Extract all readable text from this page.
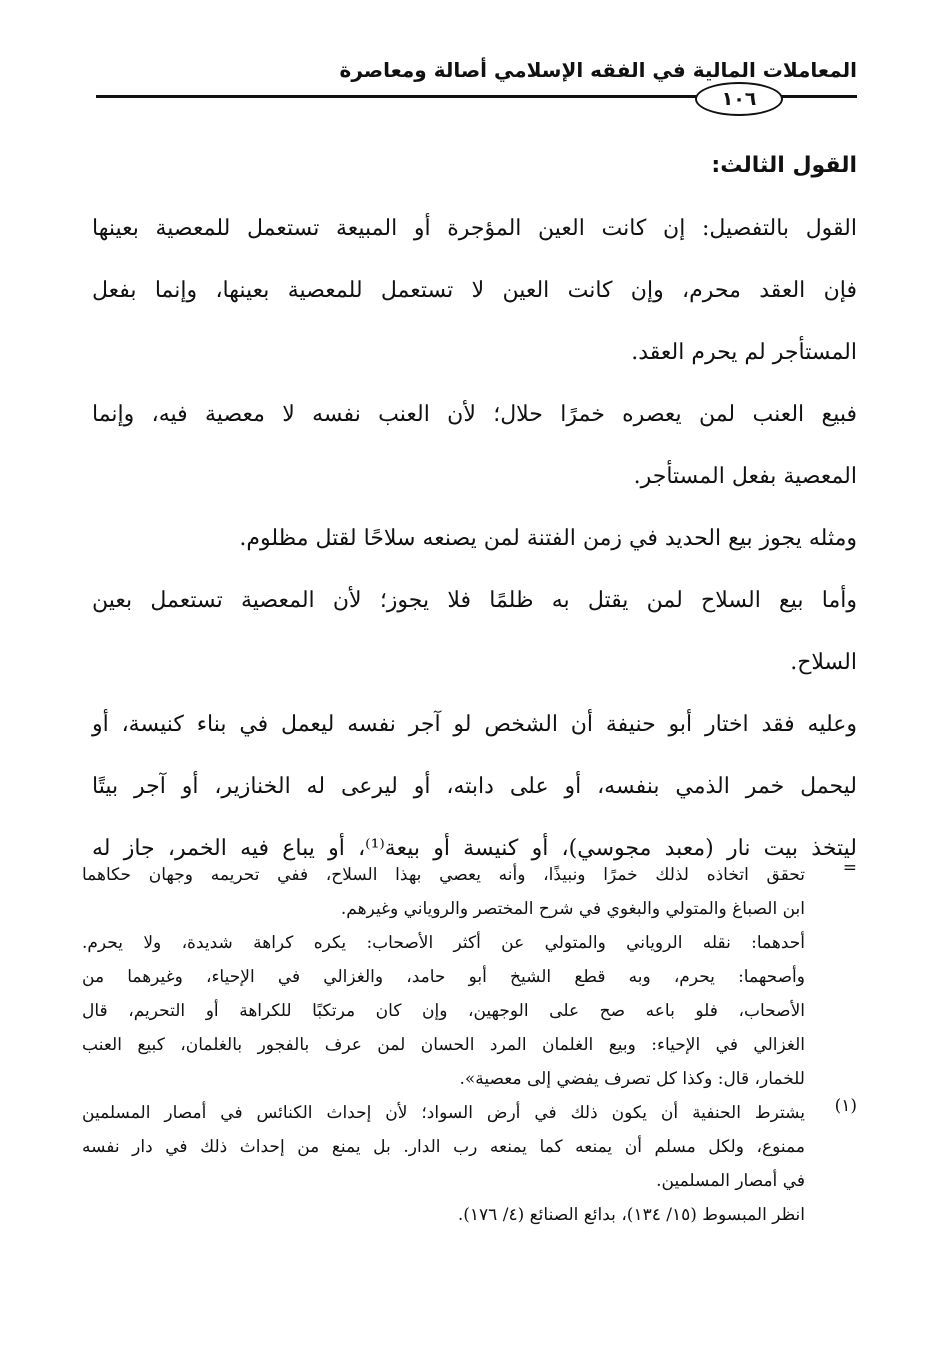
المعاملات المالية في الفقه الإسلامي أصالة ومعاصرة
١٠٦
القول الثالث:
القول بالتفصيل: إن كانت العين المؤجرة أو المبيعة تستعمل للمعصية بعينها
فإن العقد محرم، وإن كانت العين لا تستعمل للمعصية بعينها، وإنما بفعل
المستأجر لم يحرم العقد.
فبيع العنب لمن يعصره خمرًا حلال؛ لأن العنب نفسه لا معصية فيه، وإنما
المعصية بفعل المستأجر.
ومثله يجوز بيع الحديد في زمن الفتنة لمن يصنعه سلاحًا لقتل مظلوم.
وأما بيع السلاح لمن يقتل به ظلمًا فلا يجوز؛ لأن المعصية تستعمل بعين
السلاح.
وعليه فقد اختار أبو حنيفة أن الشخص لو آجر نفسه ليعمل في بناء كنيسة، أو
ليحمل خمر الذمي بنفسه، أو على دابته، أو ليرعى له الخنازير، أو آجر بيتًا
ليتخذ بيت نار (معبد مجوسي)، أو كنيسة أو بيعة⁽¹⁾، أو يباع فيه الخمر، جاز له
=
تحقق اتخاذه لذلك خمرًا ونبيذًا، وأنه يعصي بهذا السلاح، ففي تحريمه وجهان حكاهما
ابن الصباغ والمتولي والبغوي في شرح المختصر والروياني وغيرهم.
أحدهما: نقله الروياني والمتولي عن أكثر الأصحاب: يكره كراهة شديدة، ولا يحرم.
وأصحهما: يحرم، وبه قطع الشيخ أبو حامد، والغزالي في الإحياء، وغيرهما من
الأصحاب، فلو باعه صح على الوجهين، وإن كان مرتكبًا للكراهة أو التحريم، قال
الغزالي في الإحياء: وبيع الغلمان المرد الحسان لمن عرف بالفجور بالغلمان، كبيع العنب
للخمار، قال: وكذا كل تصرف يفضي إلى معصية».
(١)
يشترط الحنفية أن يكون ذلك في أرض السواد؛ لأن إحداث الكنائس في أمصار المسلمين
ممنوع، ولكل مسلم أن يمنعه كما يمنعه رب الدار. بل يمنع من إحداث ذلك في دار نفسه
في أمصار المسلمين.
انظر المبسوط (١٥/ ١٣٤)، بدائع الصنائع (٤/ ١٧٦).
